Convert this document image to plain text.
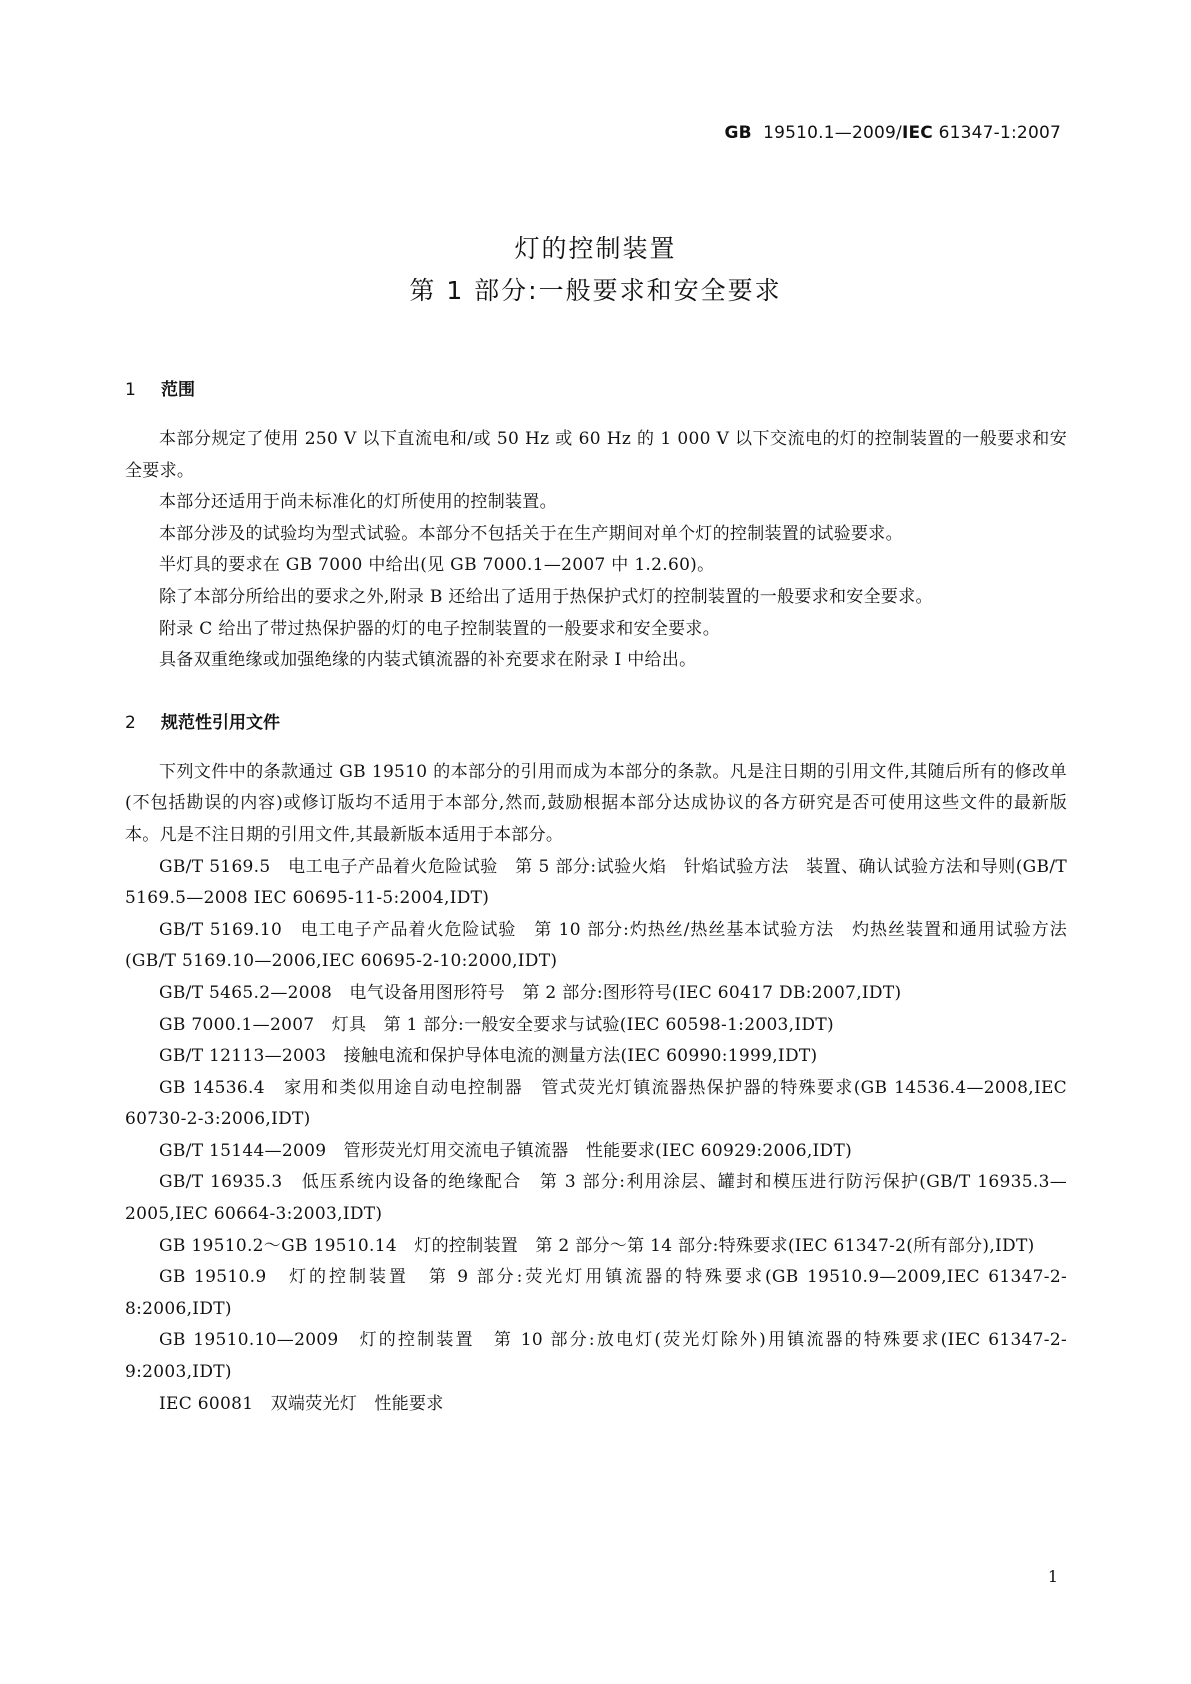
GB 19510.1—2009/IEC 61347-1:2007
灯的控制装置
第 1 部分:一般要求和安全要求
1 范围

本部分规定了使用 250 V 以下直流电和/或 50 Hz 或 60 Hz 的 1 000 V 以下交流电的灯的控制装置的一般要求和安全要求。

本部分还适用于尚未标准化的灯所使用的控制装置。

本部分涉及的试验均为型式试验。本部分不包括关于在生产期间对单个灯的控制装置的试验要求。

半灯具的要求在 GB 7000 中给出(见 GB 7000.1—2007 中 1.2.60)。

除了本部分所给出的要求之外,附录 B 还给出了适用于热保护式灯的控制装置的一般要求和安全要求。

附录 C 给出了带过热保护器的灯的电子控制装置的一般要求和安全要求。

具备双重绝缘或加强绝缘的内装式镇流器的补充要求在附录 I 中给出。

2 规范性引用文件

下列文件中的条款通过 GB 19510 的本部分的引用而成为本部分的条款。凡是注日期的引用文件,其随后所有的修改单(不包括勘误的内容)或修订版均不适用于本部分,然而,鼓励根据本部分达成协议的各方研究是否可使用这些文件的最新版本。凡是不注日期的引用文件,其最新版本适用于本部分。

GB/T 5169.5　电工电子产品着火危险试验　第 5 部分:试验火焰　针焰试验方法　装置、确认试验方法和导则(GB/T 5169.5—2008 IEC 60695-11-5:2004,IDT)

GB/T 5169.10　电工电子产品着火危险试验　第 10 部分:灼热丝/热丝基本试验方法　灼热丝装置和通用试验方法(GB/T 5169.10—2006,IEC 60695-2-10:2000,IDT)

GB/T 5465.2—2008　电气设备用图形符号　第 2 部分:图形符号(IEC 60417 DB:2007,IDT)

GB 7000.1—2007　灯具　第 1 部分:一般安全要求与试验(IEC 60598-1:2003,IDT)

GB/T 12113—2003　接触电流和保护导体电流的测量方法(IEC 60990:1999,IDT)

GB 14536.4　家用和类似用途自动电控制器　管式荧光灯镇流器热保护器的特殊要求(GB 14536.4—2008,IEC 60730-2-3:2006,IDT)

GB/T 15144—2009　管形荧光灯用交流电子镇流器　性能要求(IEC 60929:2006,IDT)

GB/T 16935.3　低压系统内设备的绝缘配合　第 3 部分:利用涂层、罐封和模压进行防污保护(GB/T 16935.3—2005,IEC 60664-3:2003,IDT)

GB 19510.2～GB 19510.14　灯的控制装置　第 2 部分～第 14 部分:特殊要求(IEC 61347-2(所有部分),IDT)

GB 19510.9　灯的控制装置　第 9 部分:荧光灯用镇流器的特殊要求(GB 19510.9—2009,IEC 61347-2-8:2006,IDT)

GB 19510.10—2009　灯的控制装置　第 10 部分:放电灯(荧光灯除外)用镇流器的特殊要求(IEC 61347-2-9:2003,IDT)

IEC 60081　双端荧光灯　性能要求

1
